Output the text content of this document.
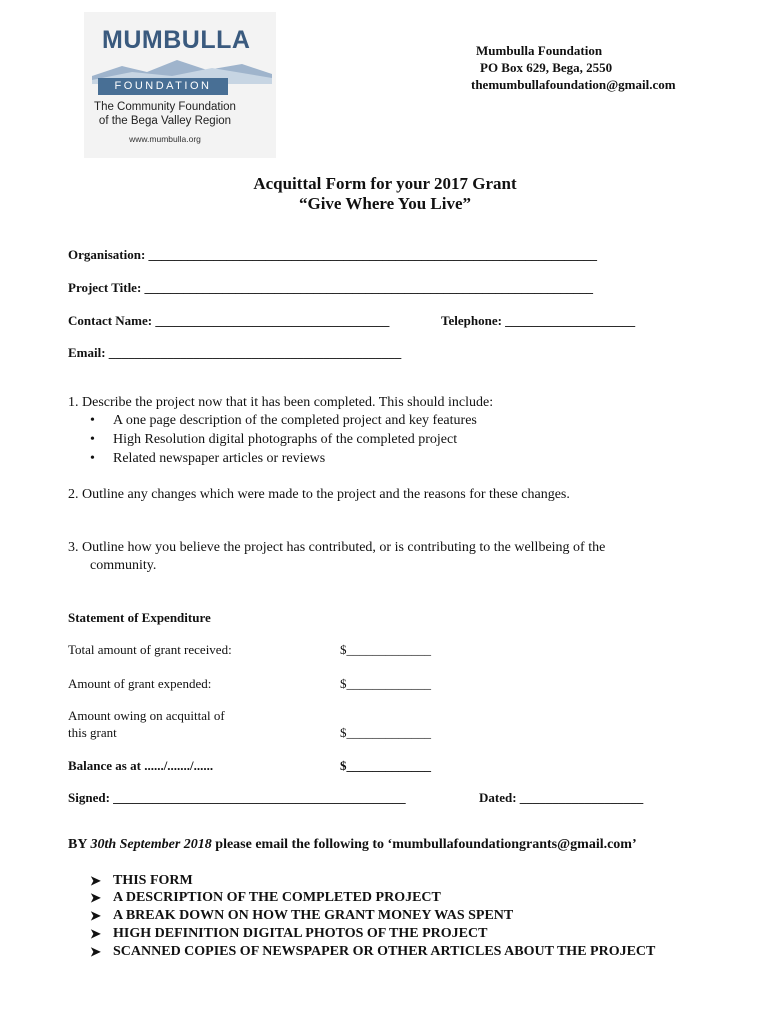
MUMBULLA
FOUNDATION
The Community Foundation
of the Bega Valley Region
www.mumbulla.org
Mumbulla Foundation
PO Box 629, Bega, 2550
themumbullafoundation@gmail.com
Acquittal Form for your 2017 Grant
“Give Where You Live”
Organisation: _____________________________________________________________________
Project Title: _____________________________________________________________________
Contact Name: ____________________________________	Telephone: ____________________
Email: _____________________________________________
1. Describe the project now that it has been completed. This should include:
• A one page description of the completed project and key features
• High Resolution digital photographs of the completed project
• Related newspaper articles or reviews
2. Outline any changes which were made to the project and the reasons for these changes.
3. Outline how you believe the project has contributed, or is contributing to the wellbeing of the
community.
Statement of Expenditure
Total amount of grant received:	$_____________
Amount of grant expended:	$_____________
Amount owing on acquittal of
this grant	$_____________
Balance as at ....../......./......	$_____________
Signed: _____________________________________________	Dated: ___________________
BY 30th September 2018 please email the following to ‘mumbullafoundationgrants@gmail.com’
➤ THIS FORM
➤ A DESCRIPTION OF THE COMPLETED PROJECT
➤ A BREAK DOWN ON HOW THE GRANT MONEY WAS SPENT
➤ HIGH DEFINITION DIGITAL PHOTOS OF THE PROJECT
➤ SCANNED COPIES OF NEWSPAPER OR OTHER ARTICLES ABOUT THE PROJECT
